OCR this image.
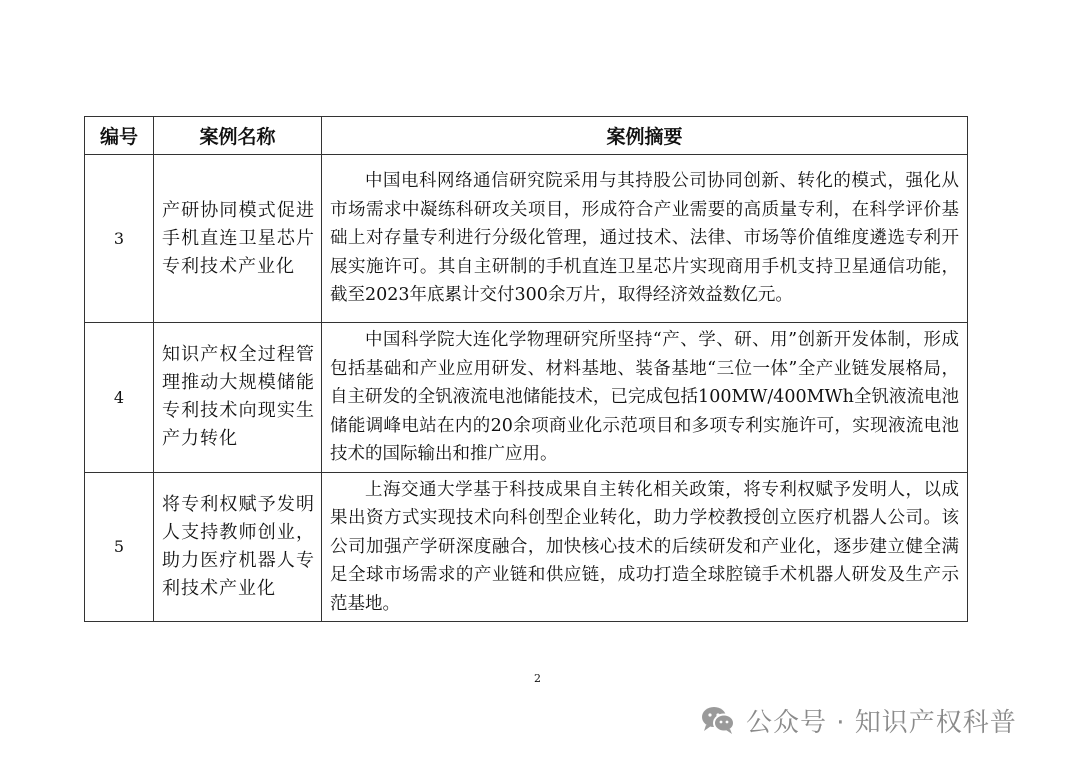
编号	案例名称	案例摘要
3	产研协同模式促进手机直连卫星芯片专利技术产业化	中国电科网络通信研究院采用与其持股公司协同创新、转化的模式，强化从市场需求中凝练科研攻关项目，形成符合产业需要的高质量专利，在科学评价基础上对存量专利进行分级化管理，通过技术、法律、市场等价值维度遴选专利开展实施许可。其自主研制的手机直连卫星芯片实现商用手机支持卫星通信功能，截至2023年底累计交付300余万片，取得经济效益数亿元。
4	知识产权全过程管理推动大规模储能专利技术向现实生产力转化	中国科学院大连化学物理研究所坚持“产、学、研、用”创新开发体制，形成包括基础和产业应用研发、材料基地、装备基地“三位一体”全产业链发展格局，自主研发的全钒液流电池储能技术，已完成包括100MW/400MWh全钒液流电池储能调峰电站在内的20余项商业化示范项目和多项专利实施许可，实现液流电池技术的国际输出和推广应用。
5	将专利权赋予发明人支持教师创业，助力医疗机器人专利技术产业化	上海交通大学基于科技成果自主转化相关政策，将专利权赋予发明人，以成果出资方式实现技术向科创型企业转化，助力学校教授创立医疗机器人公司。该公司加强产学研深度融合，加快核心技术的后续研发和产业化，逐步建立健全满足全球市场需求的产业链和供应链，成功打造全球腔镜手术机器人研发及生产示范基地。
2
公众号 · 知识产权科普
